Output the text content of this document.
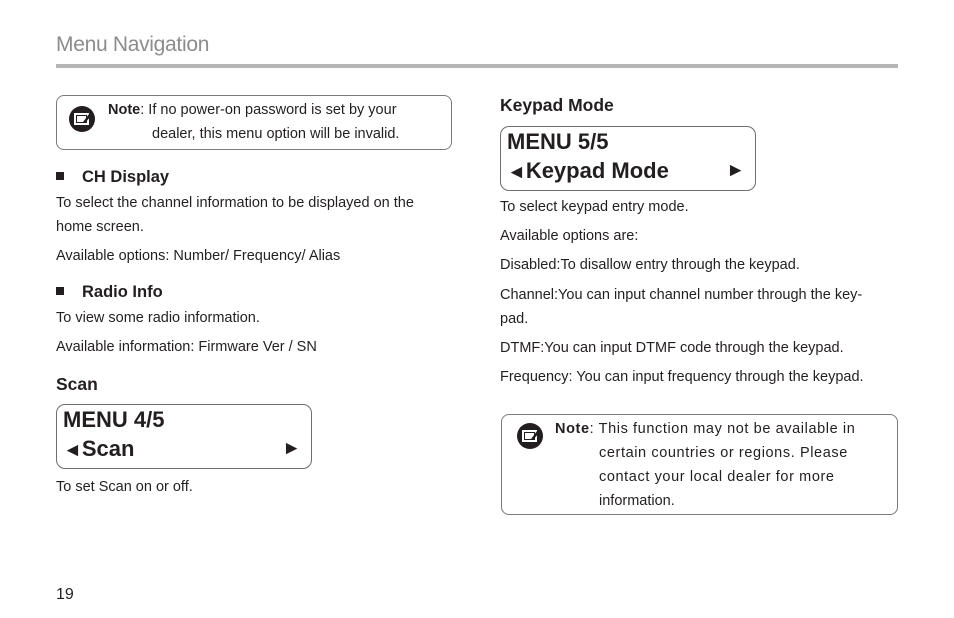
Menu Navigation
Note: If no power-on password is set by your
dealer, this menu option will be invalid.
CH Display
To select the channel information to be displayed on the
home screen.
Available options: Number/ Frequency/ Alias
Radio Info
To view some radio information.
Available information: Firmware Ver / SN
Scan
MENU 4/5
◄Scan	►
To set Scan on or off.
Keypad Mode
MENU 5/5
◄Keypad Mode	►
To select keypad entry mode.
Available options are:
Disabled:To disallow entry through the keypad.
Channel:You can input channel number through the key-
pad.
DTMF:You can input DTMF code through the keypad.
Frequency: You can input frequency through the keypad.
Note: This function may not be available in
certain countries or regions. Please
contact your local dealer for more
information.
19
